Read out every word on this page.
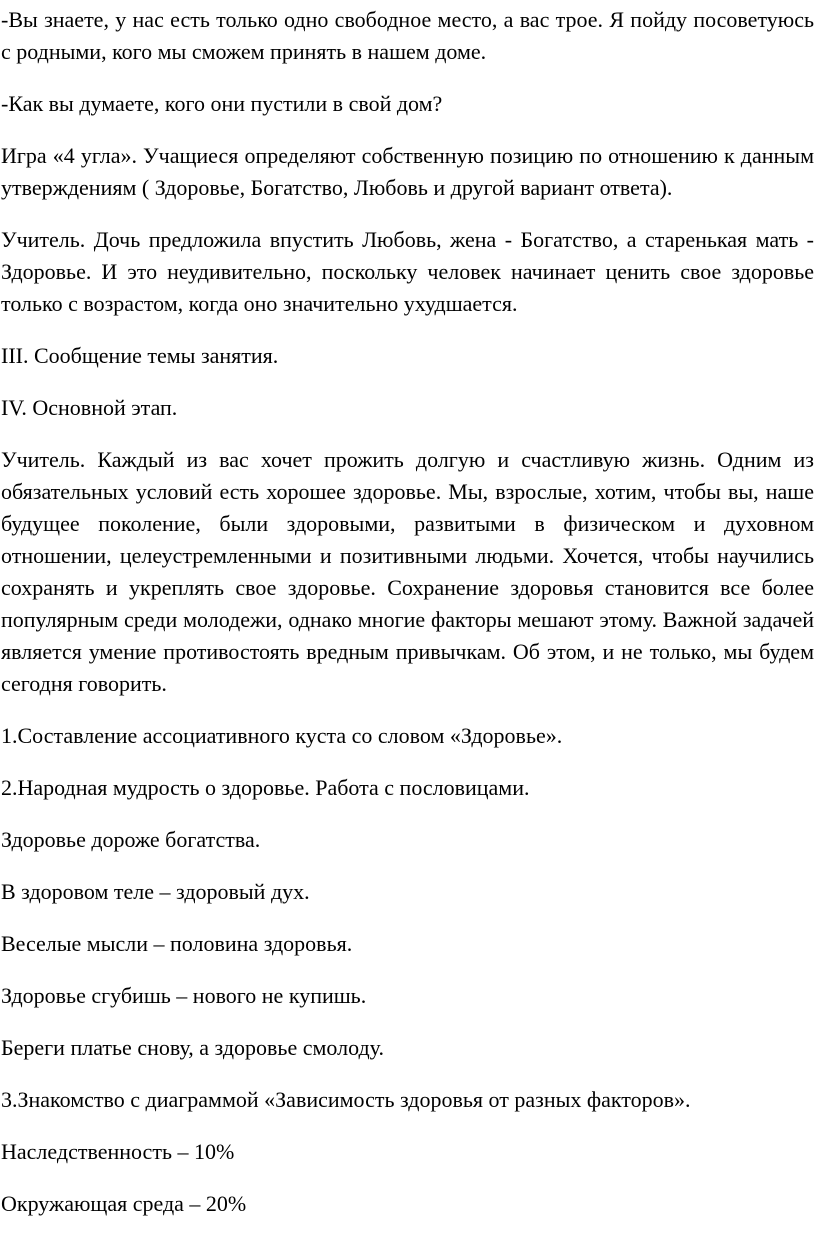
-Вы знаете, у нас есть только одно свободное место, а вас трое. Я пойду посоветуюсь с родными, кого мы сможем принять в нашем доме.

-Как вы думаете, кого они пустили в свой дом?

Игра «4 угла». Учащиеся определяют собственную позицию по отношению к данным утверждениям ( Здоровье, Богатство, Любовь и другой вариант ответа).

Учитель. Дочь предложила впустить Любовь, жена - Богатство, а старенькая мать - Здоровье. И это неудивительно, поскольку человек начинает ценить свое здоровье только с возрастом, когда оно значительно ухудшается.

III. Сообщение темы занятия.

IV. Основной этап.

Учитель. Каждый из вас хочет прожить долгую и счастливую жизнь. Одним из обязательных условий есть хорошее здоровье. Мы, взрослые, хотим, чтобы вы, наше будущее поколение, были здоровыми, развитыми в физическом и духовном отношении, целеустремленными и позитивными людьми. Хочется, чтобы научились сохранять и укреплять свое здоровье. Сохранение здоровья становится все более популярным среди молодежи, однако многие факторы мешают этому. Важной задачей является умение противостоять вредным привычкам. Об этом, и не только, мы будем сегодня говорить.

1.Составление ассоциативного куста со словом «Здоровье».

2.Народная мудрость о здоровье. Работа с пословицами.

Здоровье дороже богатства.

В здоровом теле – здоровый дух.

Веселые мысли – половина здоровья.

Здоровье сгубишь – нового не купишь.

Береги платье снову, а здоровье смолоду.

3.Знакомство с диаграммой «Зависимость здоровья от разных факторов».

Наследственность – 10%

Окружающая среда – 20%
